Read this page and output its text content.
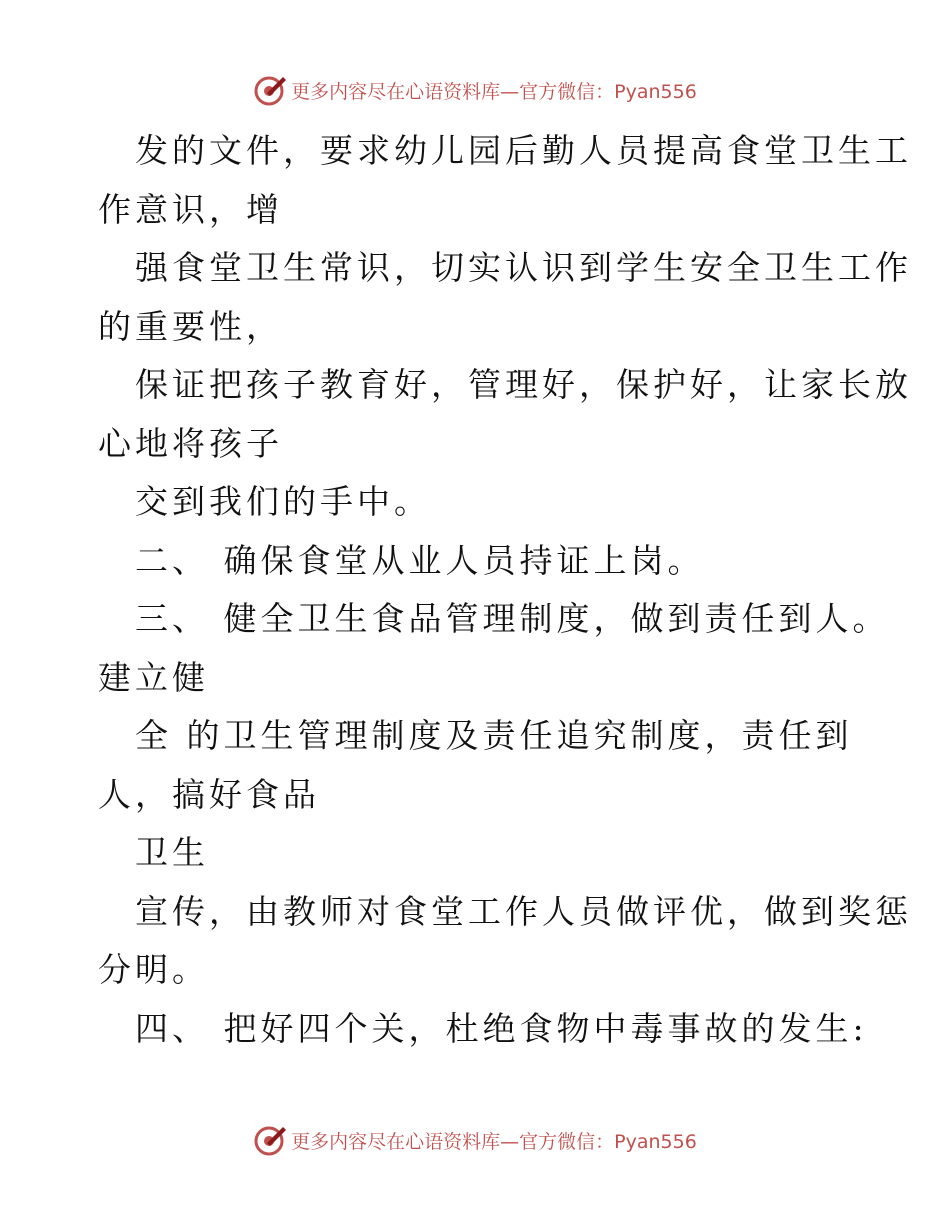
更多内容尽在心语资料库—官方微信：Pyan556
发的文件，要求幼儿园后勤人员提高食堂卫生工
作意识，增
强食堂卫生常识，切实认识到学生安全卫生工作
的重要性，
保证把孩子教育好，管理好，保护好，让家长放
心地将孩子
交到我们的手中。
二、 确保食堂从业人员持证上岗。
三、 健全卫生食品管理制度，做到责任到人。
建立健
全 的卫生管理制度及责任追究制度，责任到
人，搞好食品
卫生
宣传，由教师对食堂工作人员做评优，做到奖惩
分明。
四、 把好四个关，杜绝食物中毒事故的发生:
更多内容尽在心语资料库—官方微信：Pyan556
